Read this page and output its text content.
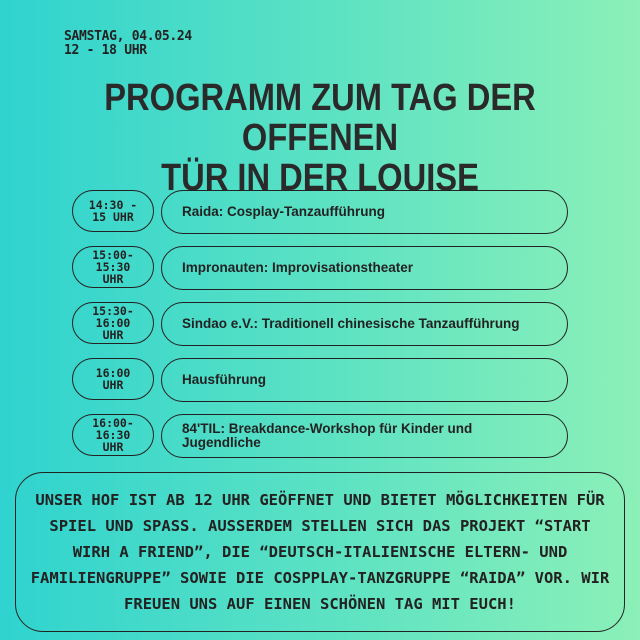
SAMSTAG, 04.05.24
12 - 18 UHR
PROGRAMM ZUM TAG DER OFFENEN
TÜR IN DER LOUISE
14:30 -
15 UHR	Raida: Cosplay-Tanzaufführung
15:00-
15:30
UHR
Impronauten: Improvisationstheater
15:30-
16:00
UHR
Sindao e.V.: Traditionell chinesische Tanzaufführung
16:00
UHR	Hausführung
16:00-
16:30
UHR
84'TIL: Breakdance-Workshop für Kinder und Jugendliche
UNSER HOF IST AB 12 UHR GEÖFFNET UND BIETET MÖGLICHKEITEN FÜR SPIEL UND SPASS. AUSSERDEM STELLEN SICH DAS PROJEKT “START WIRH A FRIEND”, DIE “DEUTSCH-ITALIENISCHE ELTERN- UND FAMILIENGRUPPE” SOWIE DIE COSPPLAY-TANZGRUPPE “RAIDA” VOR. WIR FREUEN UNS AUF EINEN SCHÖNEN TAG MIT EUCH!
